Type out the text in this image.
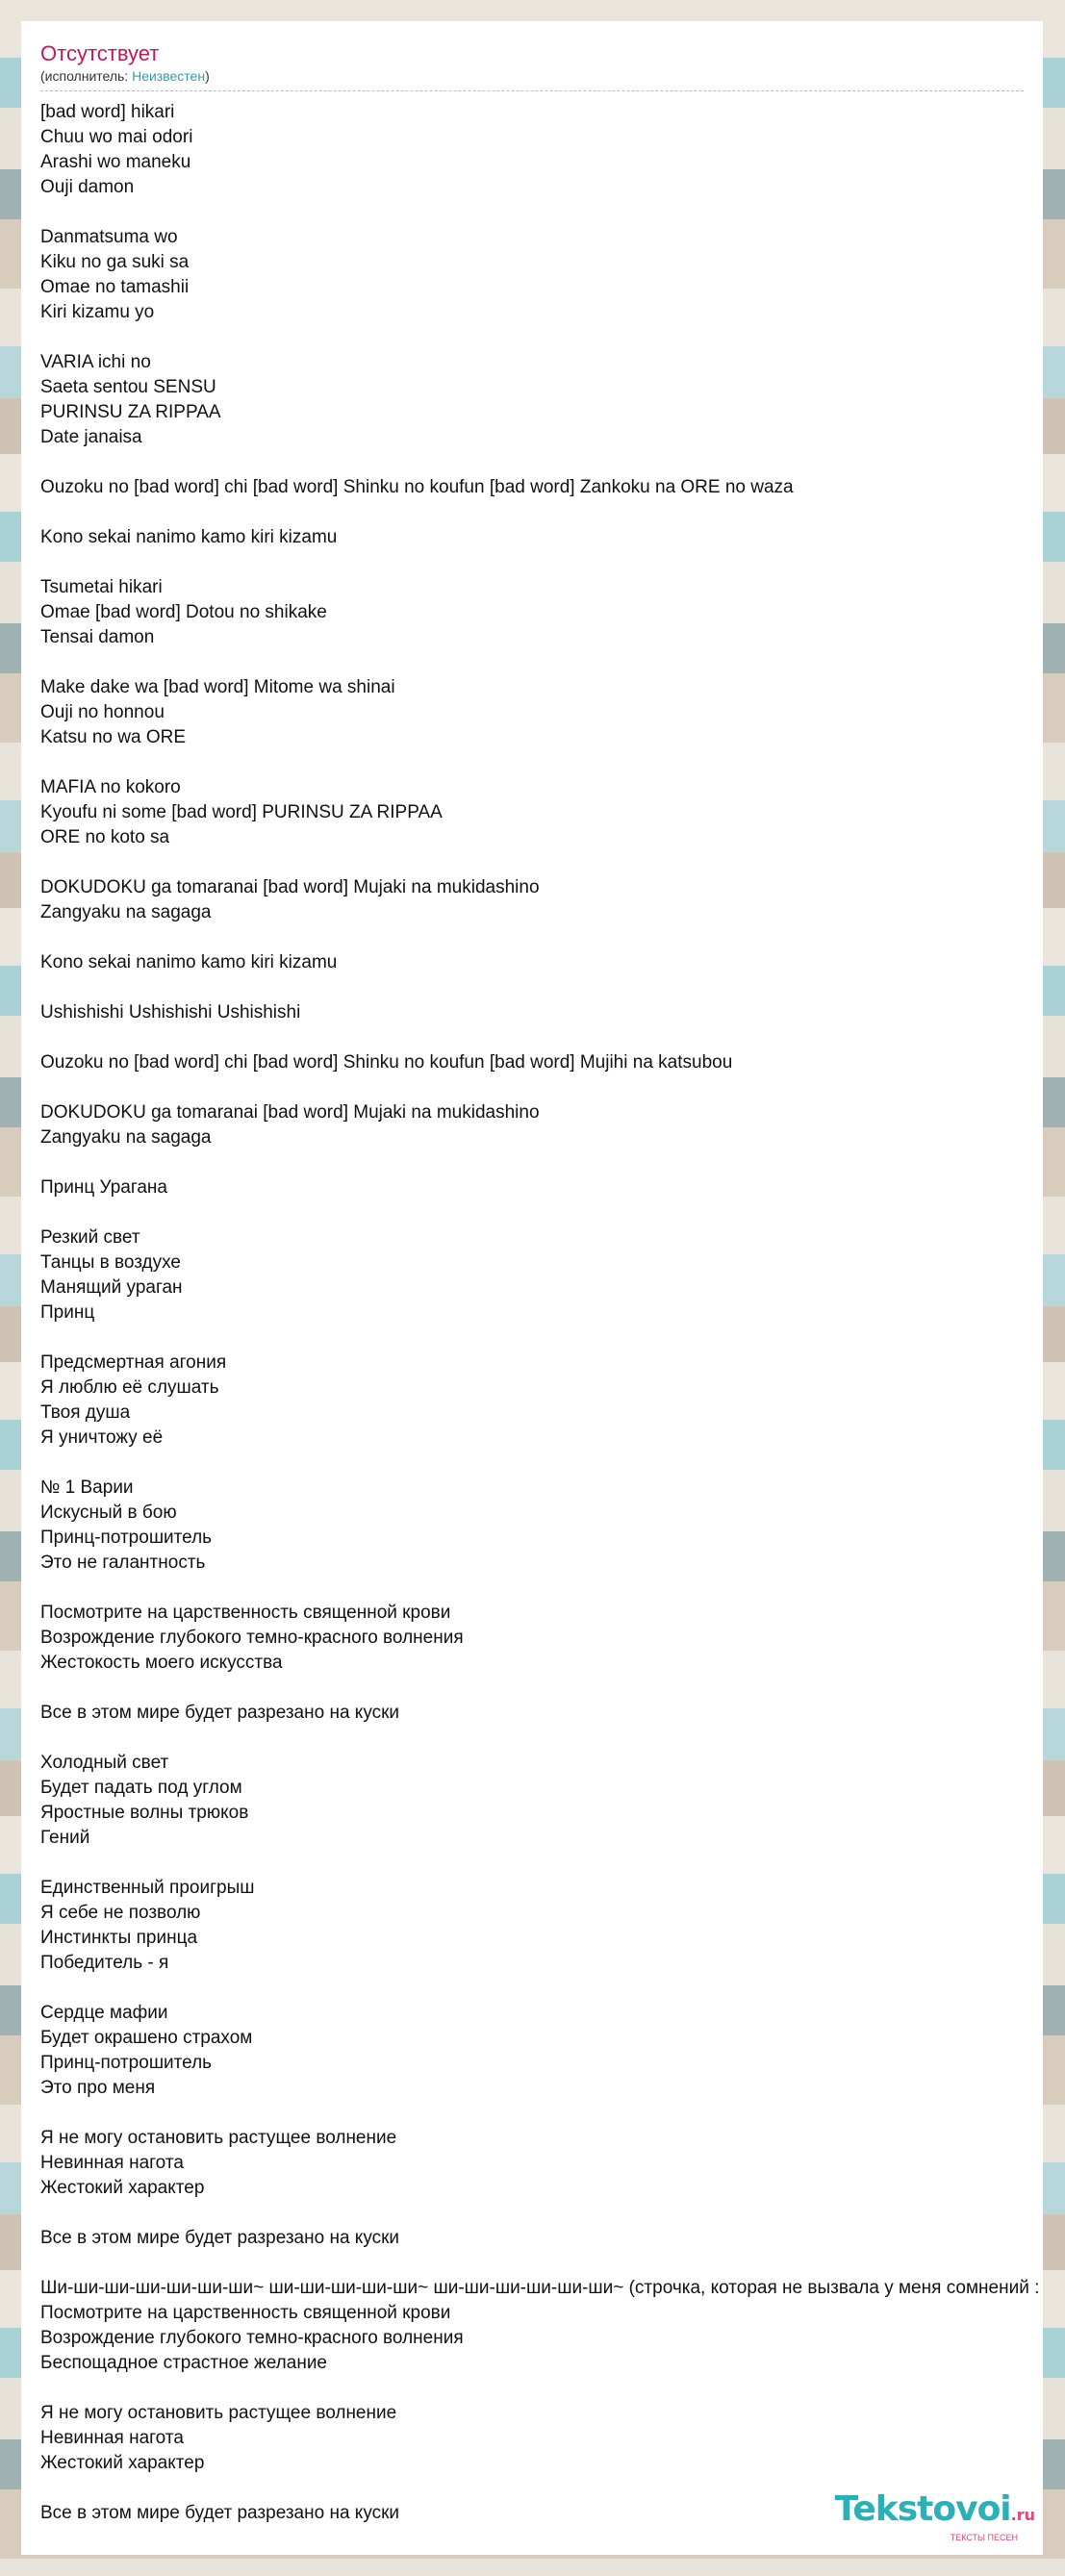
Отсутствует
(исполнитель: Неизвестен)
[bad word] hikari
Chuu wo mai odori
Arashi wo maneku
Ouji damon
Danmatsuma wo
Kiku no ga suki sa
Omae no tamashii
Kiri kizamu yo
VARIA ichi no
Saeta sentou SENSU
PURINSU ZA RIPPAA
Date janaisa
Ouzoku no [bad word] chi [bad word] Shinku no koufun [bad word] Zankoku na ORE no waza
Kono sekai nanimo kamo kiri kizamu
Tsumetai hikari
Omae [bad word] Dotou no shikake
Tensai damon
Make dake wa [bad word] Mitome wa shinai
Ouji no honnou
Katsu no wa ORE
MAFIA no kokoro
Kyoufu ni some [bad word] PURINSU ZA RIPPAA
ORE no koto sa
DOKUDOKU ga tomaranai [bad word] Mujaki na mukidashino
Zangyaku na sagaga
Kono sekai nanimo kamo kiri kizamu
Ushishishi Ushishishi Ushishishi
Ouzoku no [bad word] chi [bad word] Shinku no koufun [bad word] Mujihi na katsubou
DOKUDOKU ga tomaranai [bad word] Mujaki na mukidashino
Zangyaku na sagaga
Принц Урагана
Резкий свет
Танцы в воздухе
Манящий ураган
Принц
Предсмертная агония
Я люблю её слушать
Твоя душа
Я уничтожу её
№ 1 Варии
Искусный в бою
Принц-потрошитель
Это не галантность
Посмотрите на царственность священной крови
Возрождение глубокого темно-красного волнения
Жестокость моего искусства
Все в этом мире будет разрезано на куски
Холодный свет
Будет падать под углом
Яростные волны трюков
Гений
Единственный проигрыш
Я себе не позволю
Инстинкты принца
Победитель - я
Сердце мафии
Будет окрашено страхом
Принц-потрошитель
Это про меня
Я не могу остановить растущее волнение
Невинная нагота
Жестокий характер
Все в этом мире будет разрезано на куски
Ши-ши-ши-ши-ши-ши-ши~ ши-ши-ши-ши-ши~ ши-ши-ши-ши-ши-ши~ (строчка, которая не вызвала у меня сомнений :
Посмотрите на царственность священной крови
Возрождение глубокого темно-красного волнения
Беспощадное страстное желание
Я не могу остановить растущее волнение
Невинная нагота
Жестокий характер
Все в этом мире будет разрезано на куски	Tekstovoi.ru
ТЕКСТЫ ПЕСЕН
